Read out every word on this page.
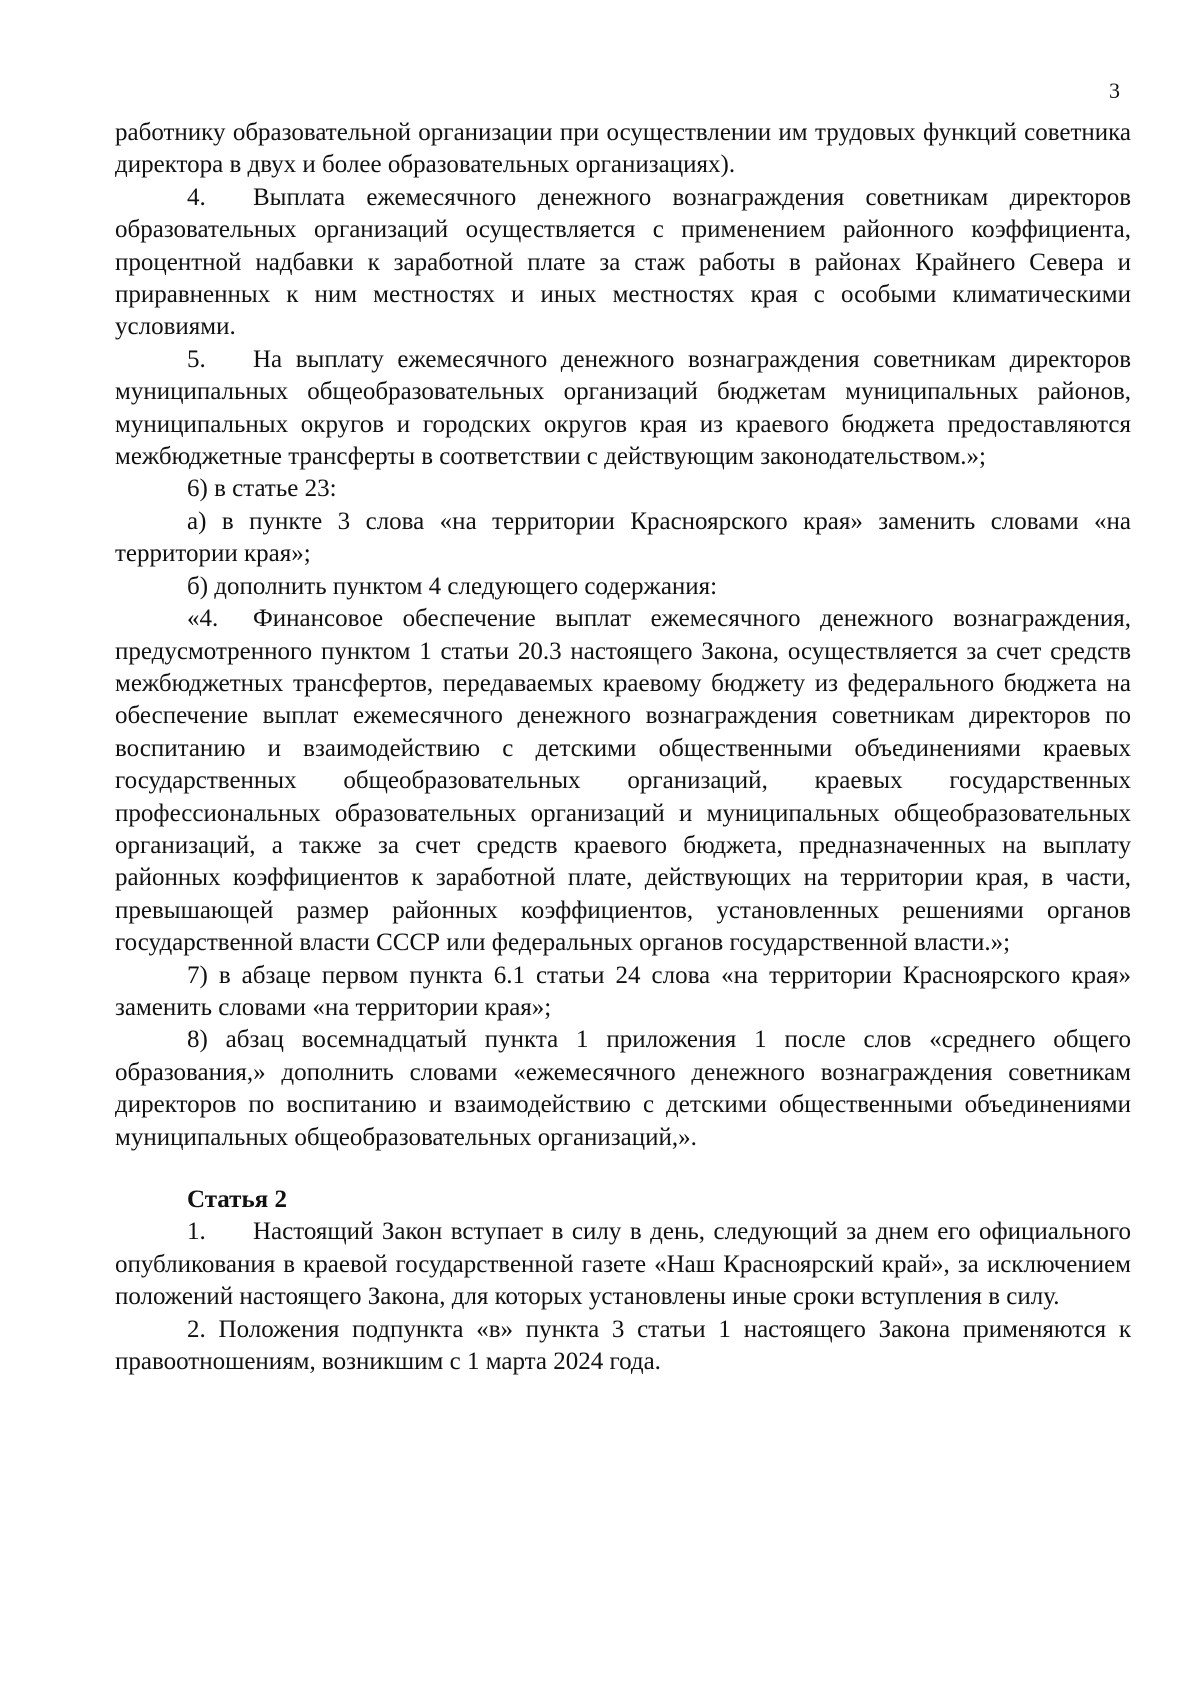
3

работнику образовательной организации при осуществлении им трудовых функций советника директора в двух и более образовательных организациях).

4. Выплата ежемесячного денежного вознаграждения советникам директоров образовательных организаций осуществляется с применением районного коэффициента, процентной надбавки к заработной плате за стаж работы в районах Крайнего Севера и приравненных к ним местностях и иных местностях края с особыми климатическими условиями.

5. На выплату ежемесячного денежного вознаграждения советникам директоров муниципальных общеобразовательных организаций бюджетам муниципальных районов, муниципальных округов и городских округов края из краевого бюджета предоставляются межбюджетные трансферты в соответствии с действующим законодательством.»;

6) в статье 23:

а) в пункте 3 слова «на территории Красноярского края» заменить словами «на территории края»;

б) дополнить пунктом 4 следующего содержания:

«4. Финансовое обеспечение выплат ежемесячного денежного вознаграждения, предусмотренного пунктом 1 статьи 20.3 настоящего Закона, осуществляется за счет средств межбюджетных трансфертов, передаваемых краевому бюджету из федерального бюджета на обеспечение выплат ежемесячного денежного вознаграждения советникам директоров по воспитанию и взаимодействию с детскими общественными объединениями краевых государственных общеобразовательных организаций, краевых государственных профессиональных образовательных организаций и муниципальных общеобразовательных организаций, а также за счет средств краевого бюджета, предназначенных на выплату районных коэффициентов к заработной плате, действующих на территории края, в части, превышающей размер районных коэффициентов, установленных решениями органов государственной власти СССР или федеральных органов государственной власти.»;

7) в абзаце первом пункта 6.1 статьи 24 слова «на территории Красноярского края» заменить словами «на территории края»;

8) абзац восемнадцатый пункта 1 приложения 1 после слов «среднего общего образования,» дополнить словами «ежемесячного денежного вознаграждения советникам директоров по воспитанию и взаимодействию с детскими общественными объединениями муниципальных общеобразовательных организаций,».

Статья 2

1. Настоящий Закон вступает в силу в день, следующий за днем его официального опубликования в краевой государственной газете «Наш Красноярский край», за исключением положений настоящего Закона, для которых установлены иные сроки вступления в силу.

2. Положения подпункта «в» пункта 3 статьи 1 настоящего Закона применяются к правоотношениям, возникшим с 1 марта 2024 года.
